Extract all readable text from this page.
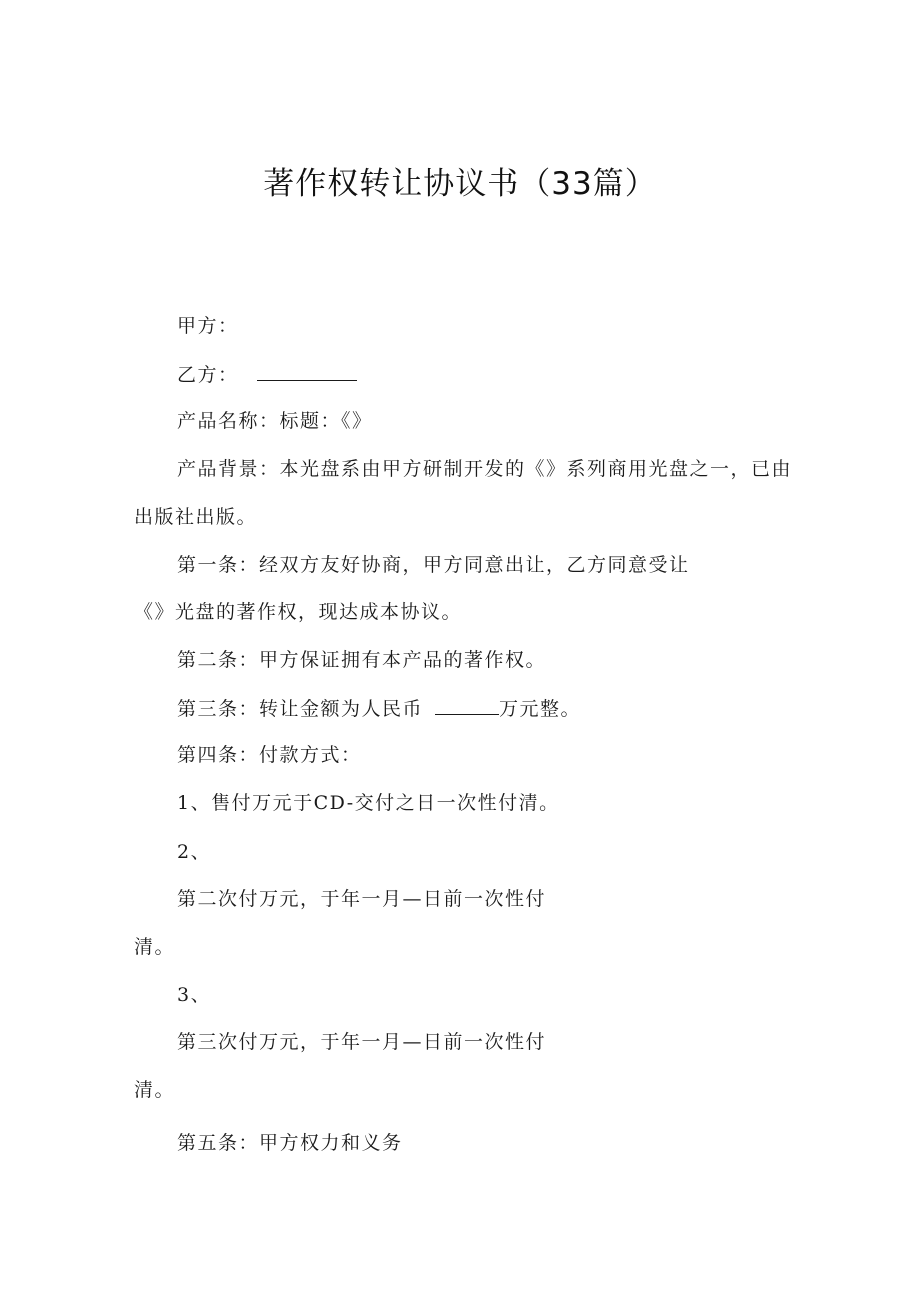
著作权转让协议书（33篇）
甲方：
乙方：
产品名称：标题：《》
产品背景：本光盘系由甲方研制开发的《》系列商用光盘之一，已由
出版社出版。
第一条：经双方友好协商，甲方同意出让，乙方同意受让
《》光盘的著作权，现达成本协议。
第二条：甲方保证拥有本产品的著作权。
第三条：转让金额为人民币	万元整。
第四条：付款方式：
1、售付万元于CD-交付之日一次性付清。
2、
第二次付万元，于年一月—日前一次性付
清。
3、
第三次付万元，于年一月—日前一次性付
清。
第五条：甲方权力和义务
